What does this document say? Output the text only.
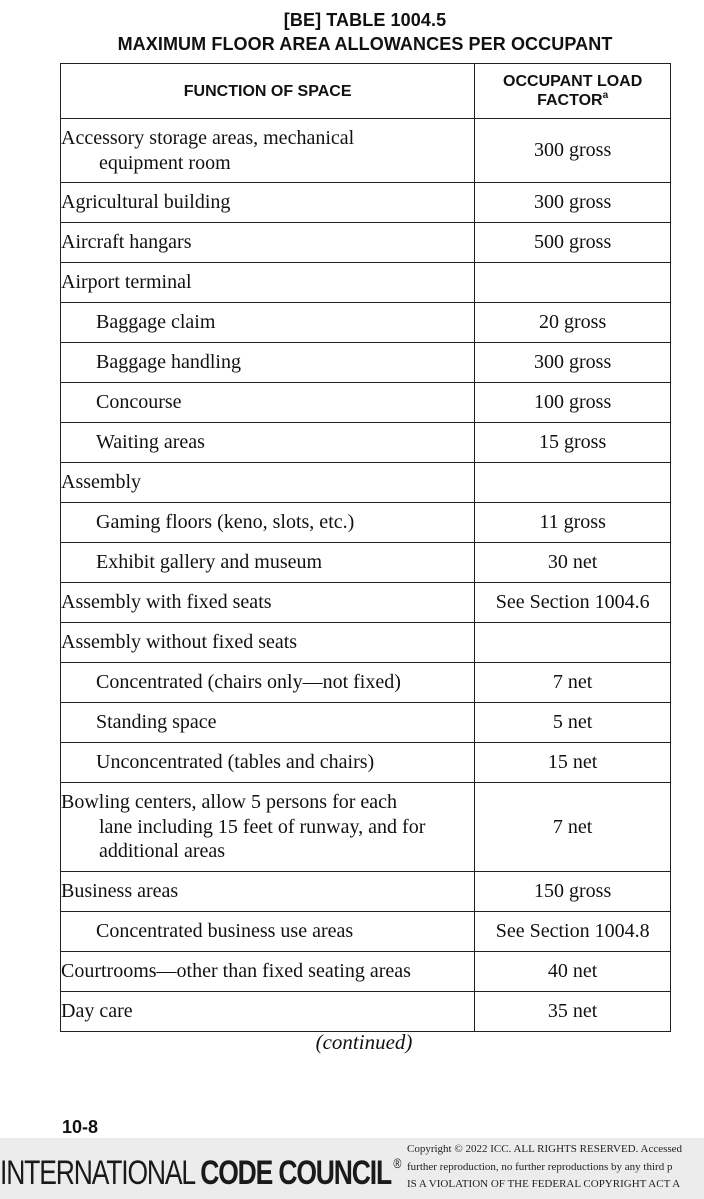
[BE] TABLE 1004.5
MAXIMUM FLOOR AREA ALLOWANCES PER OCCUPANT
FUNCTION OF SPACE	OCCUPANT LOAD
FACTOR$^a$
Accessory storage areas, mechanical
equipment room	300 gross
Agricultural building	300 gross
Aircraft hangars	500 gross
Airport terminal	
Baggage claim	20 gross
Baggage handling	300 gross
Concourse	100 gross
Waiting areas	15 gross
Assembly	
Gaming floors (keno, slots, etc.)	11 gross
Exhibit gallery and museum	30 net
Assembly with fixed seats	See Section 1004.6
Assembly without fixed seats	
Concentrated (chairs only—not fixed)	7 net
Standing space	5 net
Unconcentrated (tables and chairs)	15 net
Bowling centers, allow 5 persons for each
lane including 15 feet of runway, and for
additional areas	7 net
Business areas	150 gross
Concentrated business use areas	See Section 1004.8
Courtrooms—other than fixed seating areas	40 net
Day care	35 net
(continued)
10-8
INTERNATIONAL CODE COUNCIL ®
Copyright © 2022 ICC. ALL RIGHTS RESERVED. Accessed
further reproduction, no further reproductions by any third p
IS A VIOLATION OF THE FEDERAL COPYRIGHT ACT A
